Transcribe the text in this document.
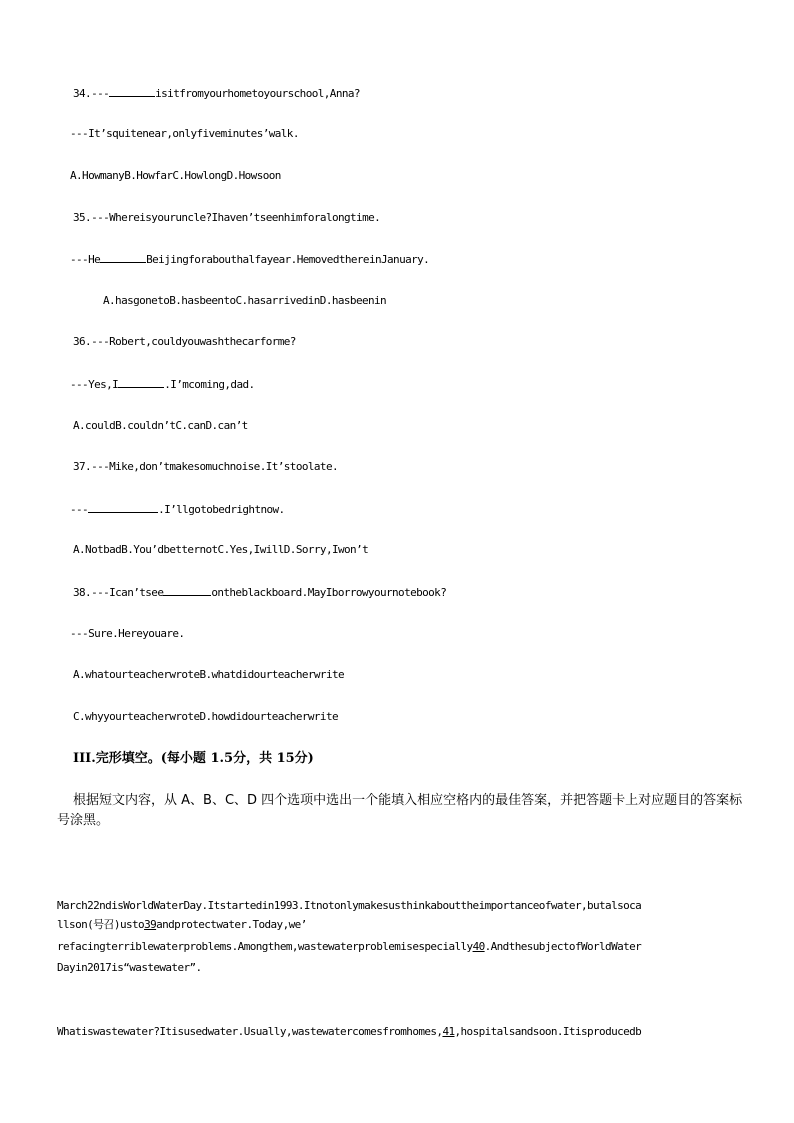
34.---	isitfromyourhometoyourschool,Anna?
---It’squitenear,onlyfiveminutes’walk.
A.HowmanyB.HowfarC.HowlongD.Howsoon
35.---Whereisyouruncle?Ihaven’tseenhimforalongtime.
---He	Beijingforabouthalfayear.HemovedthereinJanuary.
A.hasgonetoB.hasbeentoC.hasarrivedinD.hasbeenin
36.---Robert,couldyouwashthecarforme?
---Yes,I	.I’mcoming,dad.
A.couldB.couldn’tC.canD.can’t
37.---Mike,don’tmakesomuchnoise.It’stoolate.
---	.I’llgotobedrightnow.
A.NotbadB.You’dbetternotC.Yes,IwillD.Sorry,Iwon’t
38.---Ican’tsee	ontheblackboard.MayIborrowyournotebook?
---Sure.Hereyouare.
A.whatourteacherwroteB.whatdidourteacherwrite
C.whyyourteacherwroteD.howdidourteacherwrite
III.完形填空。(每小题 1.5分，共 15分)
根据短文内容，从 A、B、C、D 四个选项中选出一个能填入相应空格内的最佳答案，并把答题卡上对应题目的答案标号涂黑。
March22ndisWorldWaterDay.Itstartedin1993.Itnotonlymakesusthinkabouttheimportanceofwater,butalsoca
llson(号召)usto39andprotectwater.Today,we’
refacingterriblewaterproblems.Amongthem,wastewaterproblemisespecially40.AndthesubjectofWorldWater
Dayin2017is“wastewater”.
Whatiswastewater?Itisusedwater.Usually,wastewatercomesfromhomes,41,hospitalsandsoon.Itisproducedb
